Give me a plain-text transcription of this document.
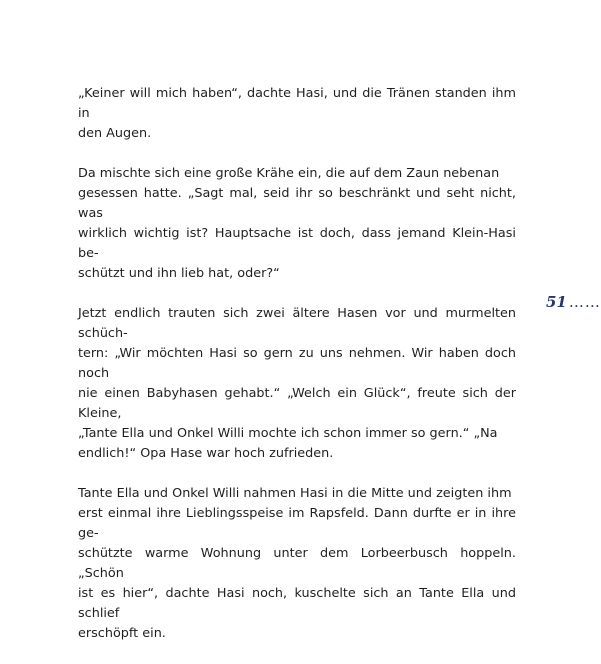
„Keiner will mich haben“, dachte Hasi, und die Tränen standen ihm in
den Augen.

Da mischte sich eine große Krähe ein, die auf dem Zaun nebenan
gesessen hatte. „Sagt mal, seid ihr so beschränkt und seht nicht, was
wirklich wichtig ist? Hauptsache ist doch, dass jemand Klein-Hasi be-
schützt und ihn lieb hat, oder?“

Jetzt endlich trauten sich zwei ältere Hasen vor und murmelten schüch-
tern: „Wir möchten Hasi so gern zu uns nehmen. Wir haben doch noch
nie einen Babyhasen gehabt.“ „Welch ein Glück“, freute sich der Kleine,
„Tante Ella und Onkel Willi mochte ich schon immer so gern.“ „Na
endlich!“ Opa Hase war hoch zufrieden.

Tante Ella und Onkel Willi nahmen Hasi in die Mitte und zeigten ihm
erst einmal ihre Lieblingsspeise im Rapsfeld. Dann durfte er in ihre ge-
schützte warme Wohnung unter dem Lorbeerbusch hoppeln. „Schön
ist es hier“, dachte Hasi noch, kuschelte sich an Tante Ella und schlief
erschöpft ein.

51 ……
